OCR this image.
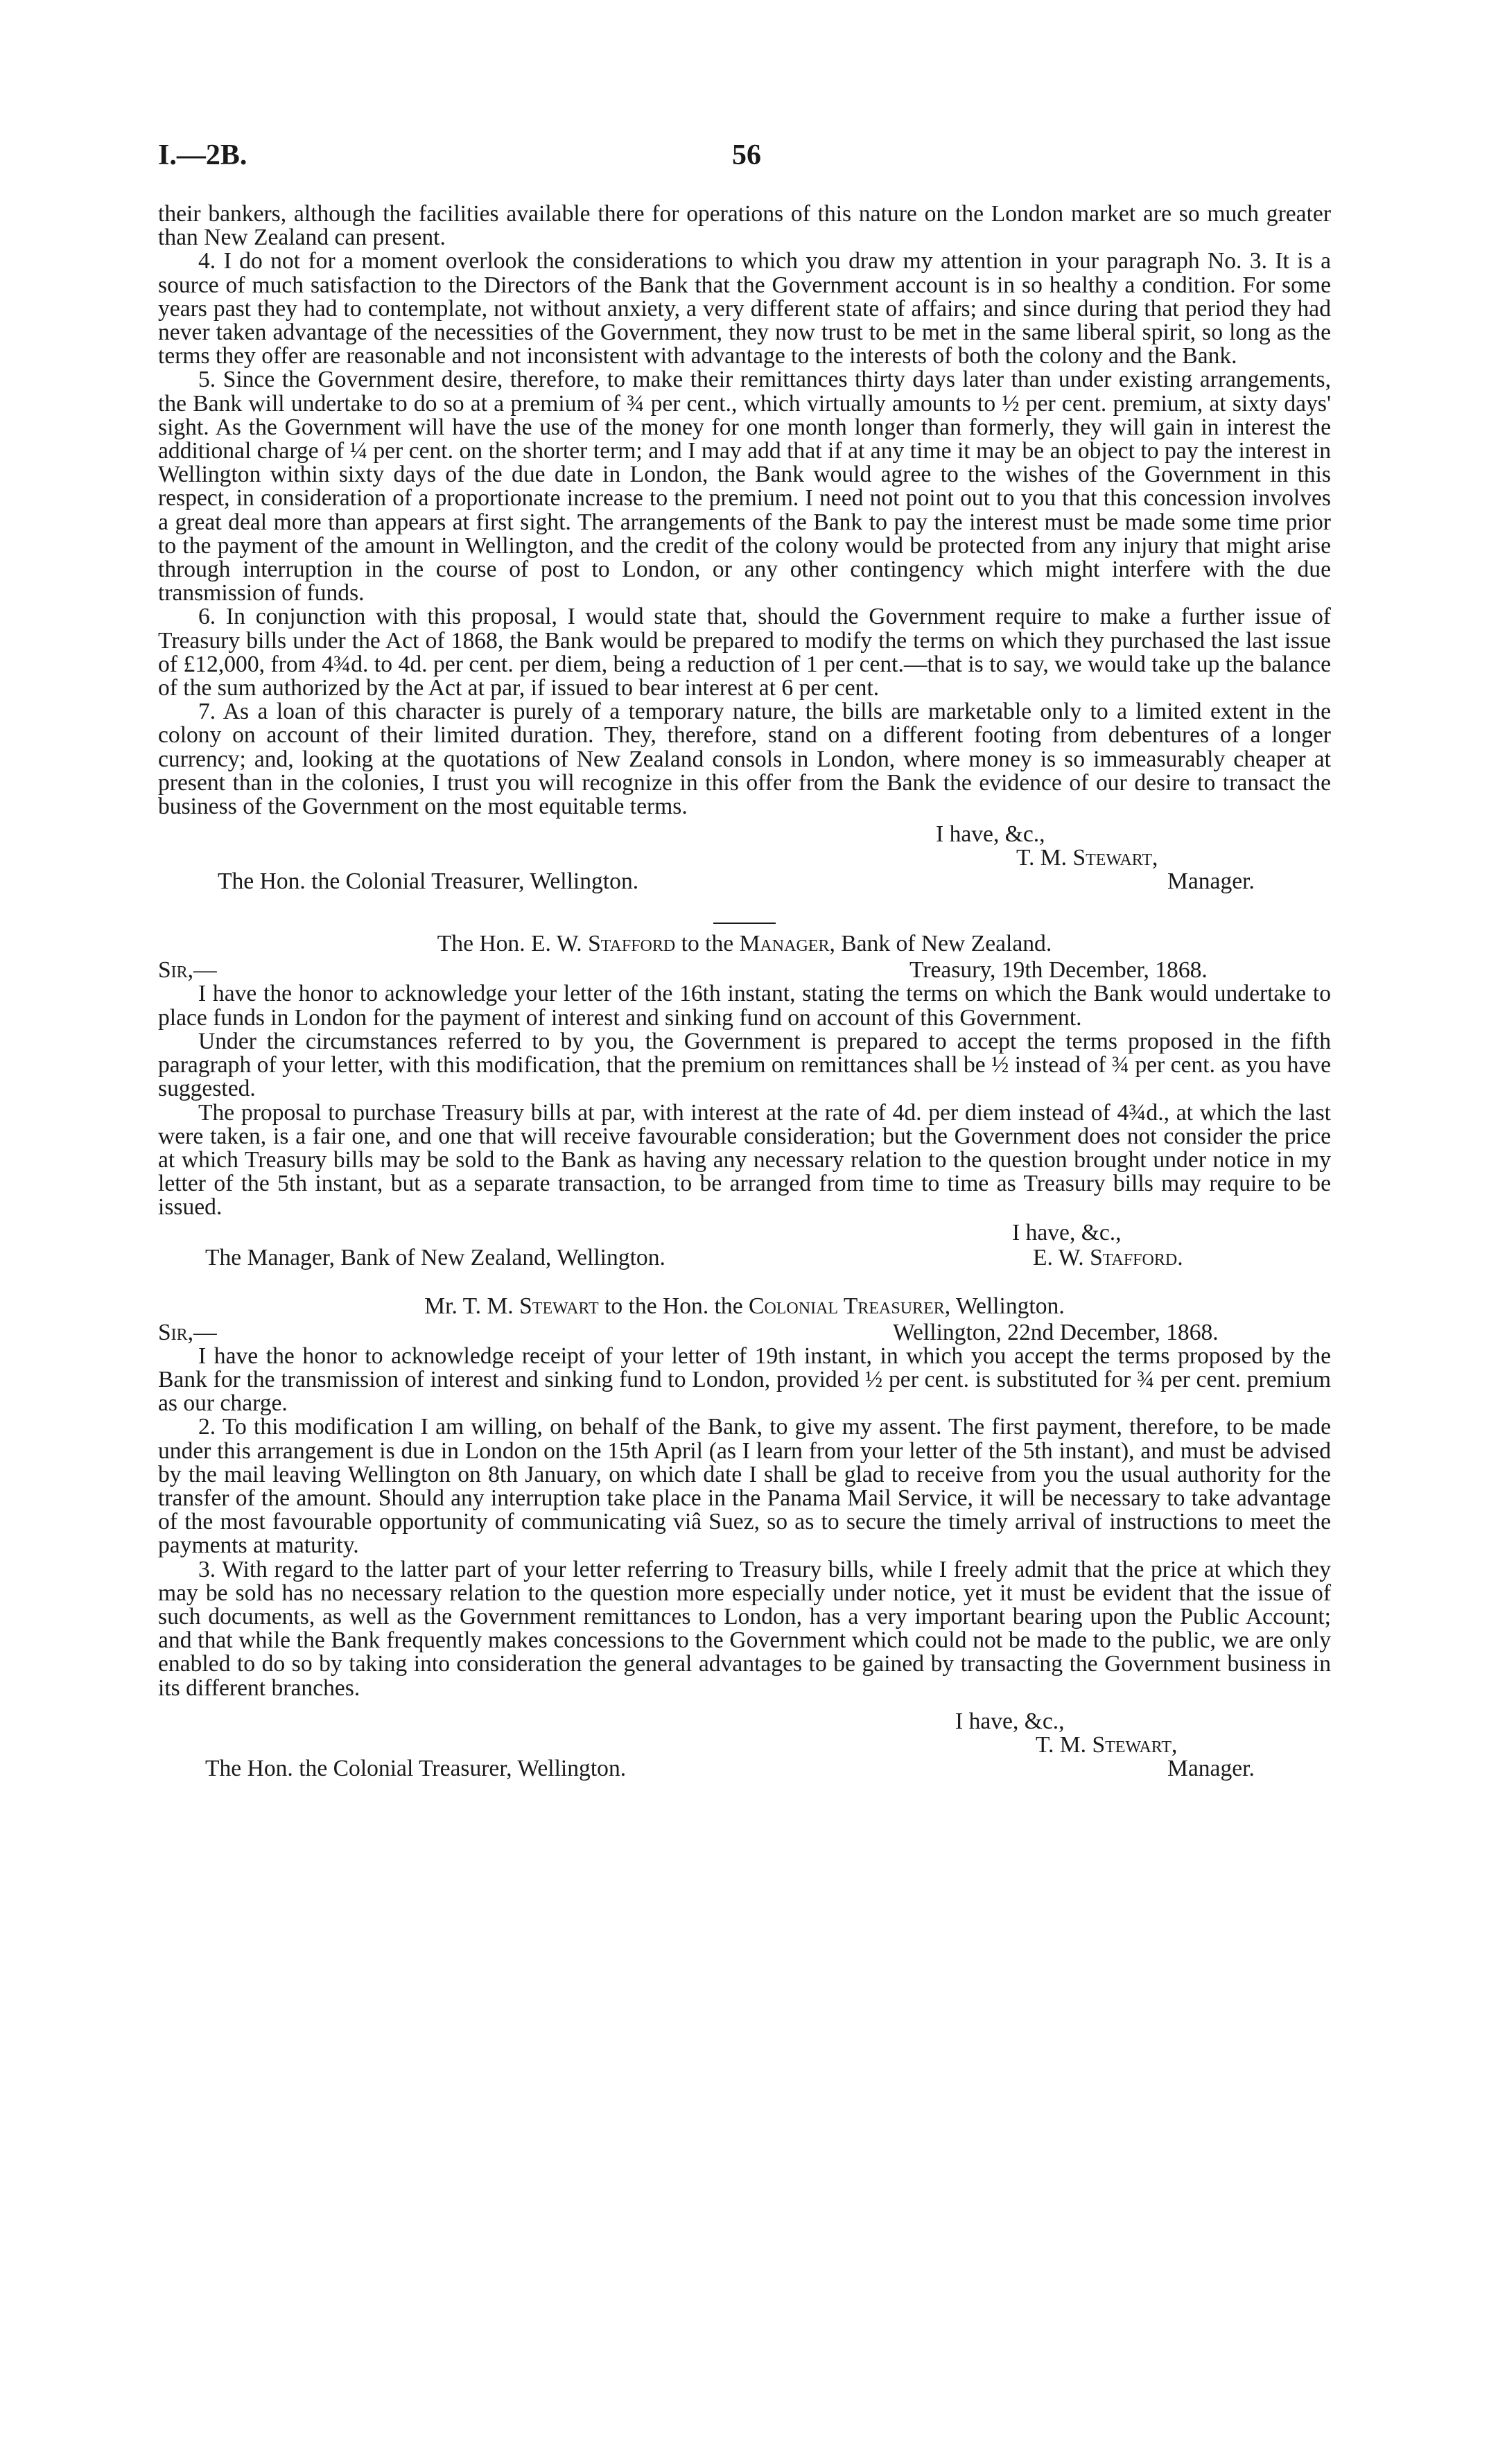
I.—2B.	56

their bankers, although the facilities available there for operations of this nature on the London market are so much greater than New Zealand can present.

4. I do not for a moment overlook the considerations to which you draw my attention in your paragraph No. 3. It is a source of much satisfaction to the Directors of the Bank that the Government account is in so healthy a condition. For some years past they had to contemplate, not without anxiety, a very different state of affairs; and since during that period they had never taken advantage of the necessities of the Government, they now trust to be met in the same liberal spirit, so long as the terms they offer are reasonable and not inconsistent with advantage to the interests of both the colony and the Bank.

5. Since the Government desire, therefore, to make their remittances thirty days later than under existing arrangements, the Bank will undertake to do so at a premium of ¾ per cent., which virtually amounts to ½ per cent. premium, at sixty days' sight. As the Government will have the use of the money for one month longer than formerly, they will gain in interest the additional charge of ¼ per cent. on the shorter term; and I may add that if at any time it may be an object to pay the interest in Wellington within sixty days of the due date in London, the Bank would agree to the wishes of the Government in this respect, in consideration of a proportionate increase to the premium. I need not point out to you that this concession involves a great deal more than appears at first sight. The arrangements of the Bank to pay the interest must be made some time prior to the payment of the amount in Wellington, and the credit of the colony would be protected from any injury that might arise through interruption in the course of post to London, or any other contingency which might interfere with the due transmission of funds.

6. In conjunction with this proposal, I would state that, should the Government require to make a further issue of Treasury bills under the Act of 1868, the Bank would be prepared to modify the terms on which they purchased the last issue of £12,000, from 4¾d. to 4d. per cent. per diem, being a reduction of 1 per cent.—that is to say, we would take up the balance of the sum authorized by the Act at par, if issued to bear interest at 6 per cent.

7. As a loan of this character is purely of a temporary nature, the bills are marketable only to a limited extent in the colony on account of their limited duration. They, therefore, stand on a different footing from debentures of a longer currency; and, looking at the quotations of New Zealand consols in London, where money is so immeasurably cheaper at present than in the colonies, I trust you will recognize in this offer from the Bank the evidence of our desire to transact the business of the Government on the most equitable terms.

I have, &c.,
T. M. Stewart,
The Hon. the Colonial Treasurer, Wellington.	Manager.
The Hon. E. W. Stafford to the Manager, Bank of New Zealand.
Sir,—	Treasury, 19th December, 1868.

I have the honor to acknowledge your letter of the 16th instant, stating the terms on which the Bank would undertake to place funds in London for the payment of interest and sinking fund on account of this Government.

Under the circumstances referred to by you, the Government is prepared to accept the terms proposed in the fifth paragraph of your letter, with this modification, that the premium on remittances shall be ½ instead of ¾ per cent. as you have suggested.

The proposal to purchase Treasury bills at par, with interest at the rate of 4d. per diem instead of 4¾d., at which the last were taken, is a fair one, and one that will receive favourable consideration; but the Government does not consider the price at which Treasury bills may be sold to the Bank as having any necessary relation to the question brought under notice in my letter of the 5th instant, but as a separate transaction, to be arranged from time to time as Treasury bills may require to be issued.

I have, &c.,
The Manager, Bank of New Zealand, Wellington.	E. W. Stafford.
Mr. T. M. Stewart to the Hon. the Colonial Treasurer, Wellington.
Sir,—	Wellington, 22nd December, 1868.

I have the honor to acknowledge receipt of your letter of 19th instant, in which you accept the terms proposed by the Bank for the transmission of interest and sinking fund to London, provided ½ per cent. is substituted for ¾ per cent. premium as our charge.

2. To this modification I am willing, on behalf of the Bank, to give my assent. The first payment, therefore, to be made under this arrangement is due in London on the 15th April (as I learn from your letter of the 5th instant), and must be advised by the mail leaving Wellington on 8th January, on which date I shall be glad to receive from you the usual authority for the transfer of the amount. Should any interruption take place in the Panama Mail Service, it will be necessary to take advantage of the most favourable opportunity of communicating viâ Suez, so as to secure the timely arrival of instructions to meet the payments at maturity.

3. With regard to the latter part of your letter referring to Treasury bills, while I freely admit that the price at which they may be sold has no necessary relation to the question more especially under notice, yet it must be evident that the issue of such documents, as well as the Government remittances to London, has a very important bearing upon the Public Account; and that while the Bank frequently makes concessions to the Government which could not be made to the public, we are only enabled to do so by taking into consideration the general advantages to be gained by transacting the Government business in its different branches.

I have, &c.,
T. M. Stewart,
The Hon. the Colonial Treasurer, Wellington.	Manager.
